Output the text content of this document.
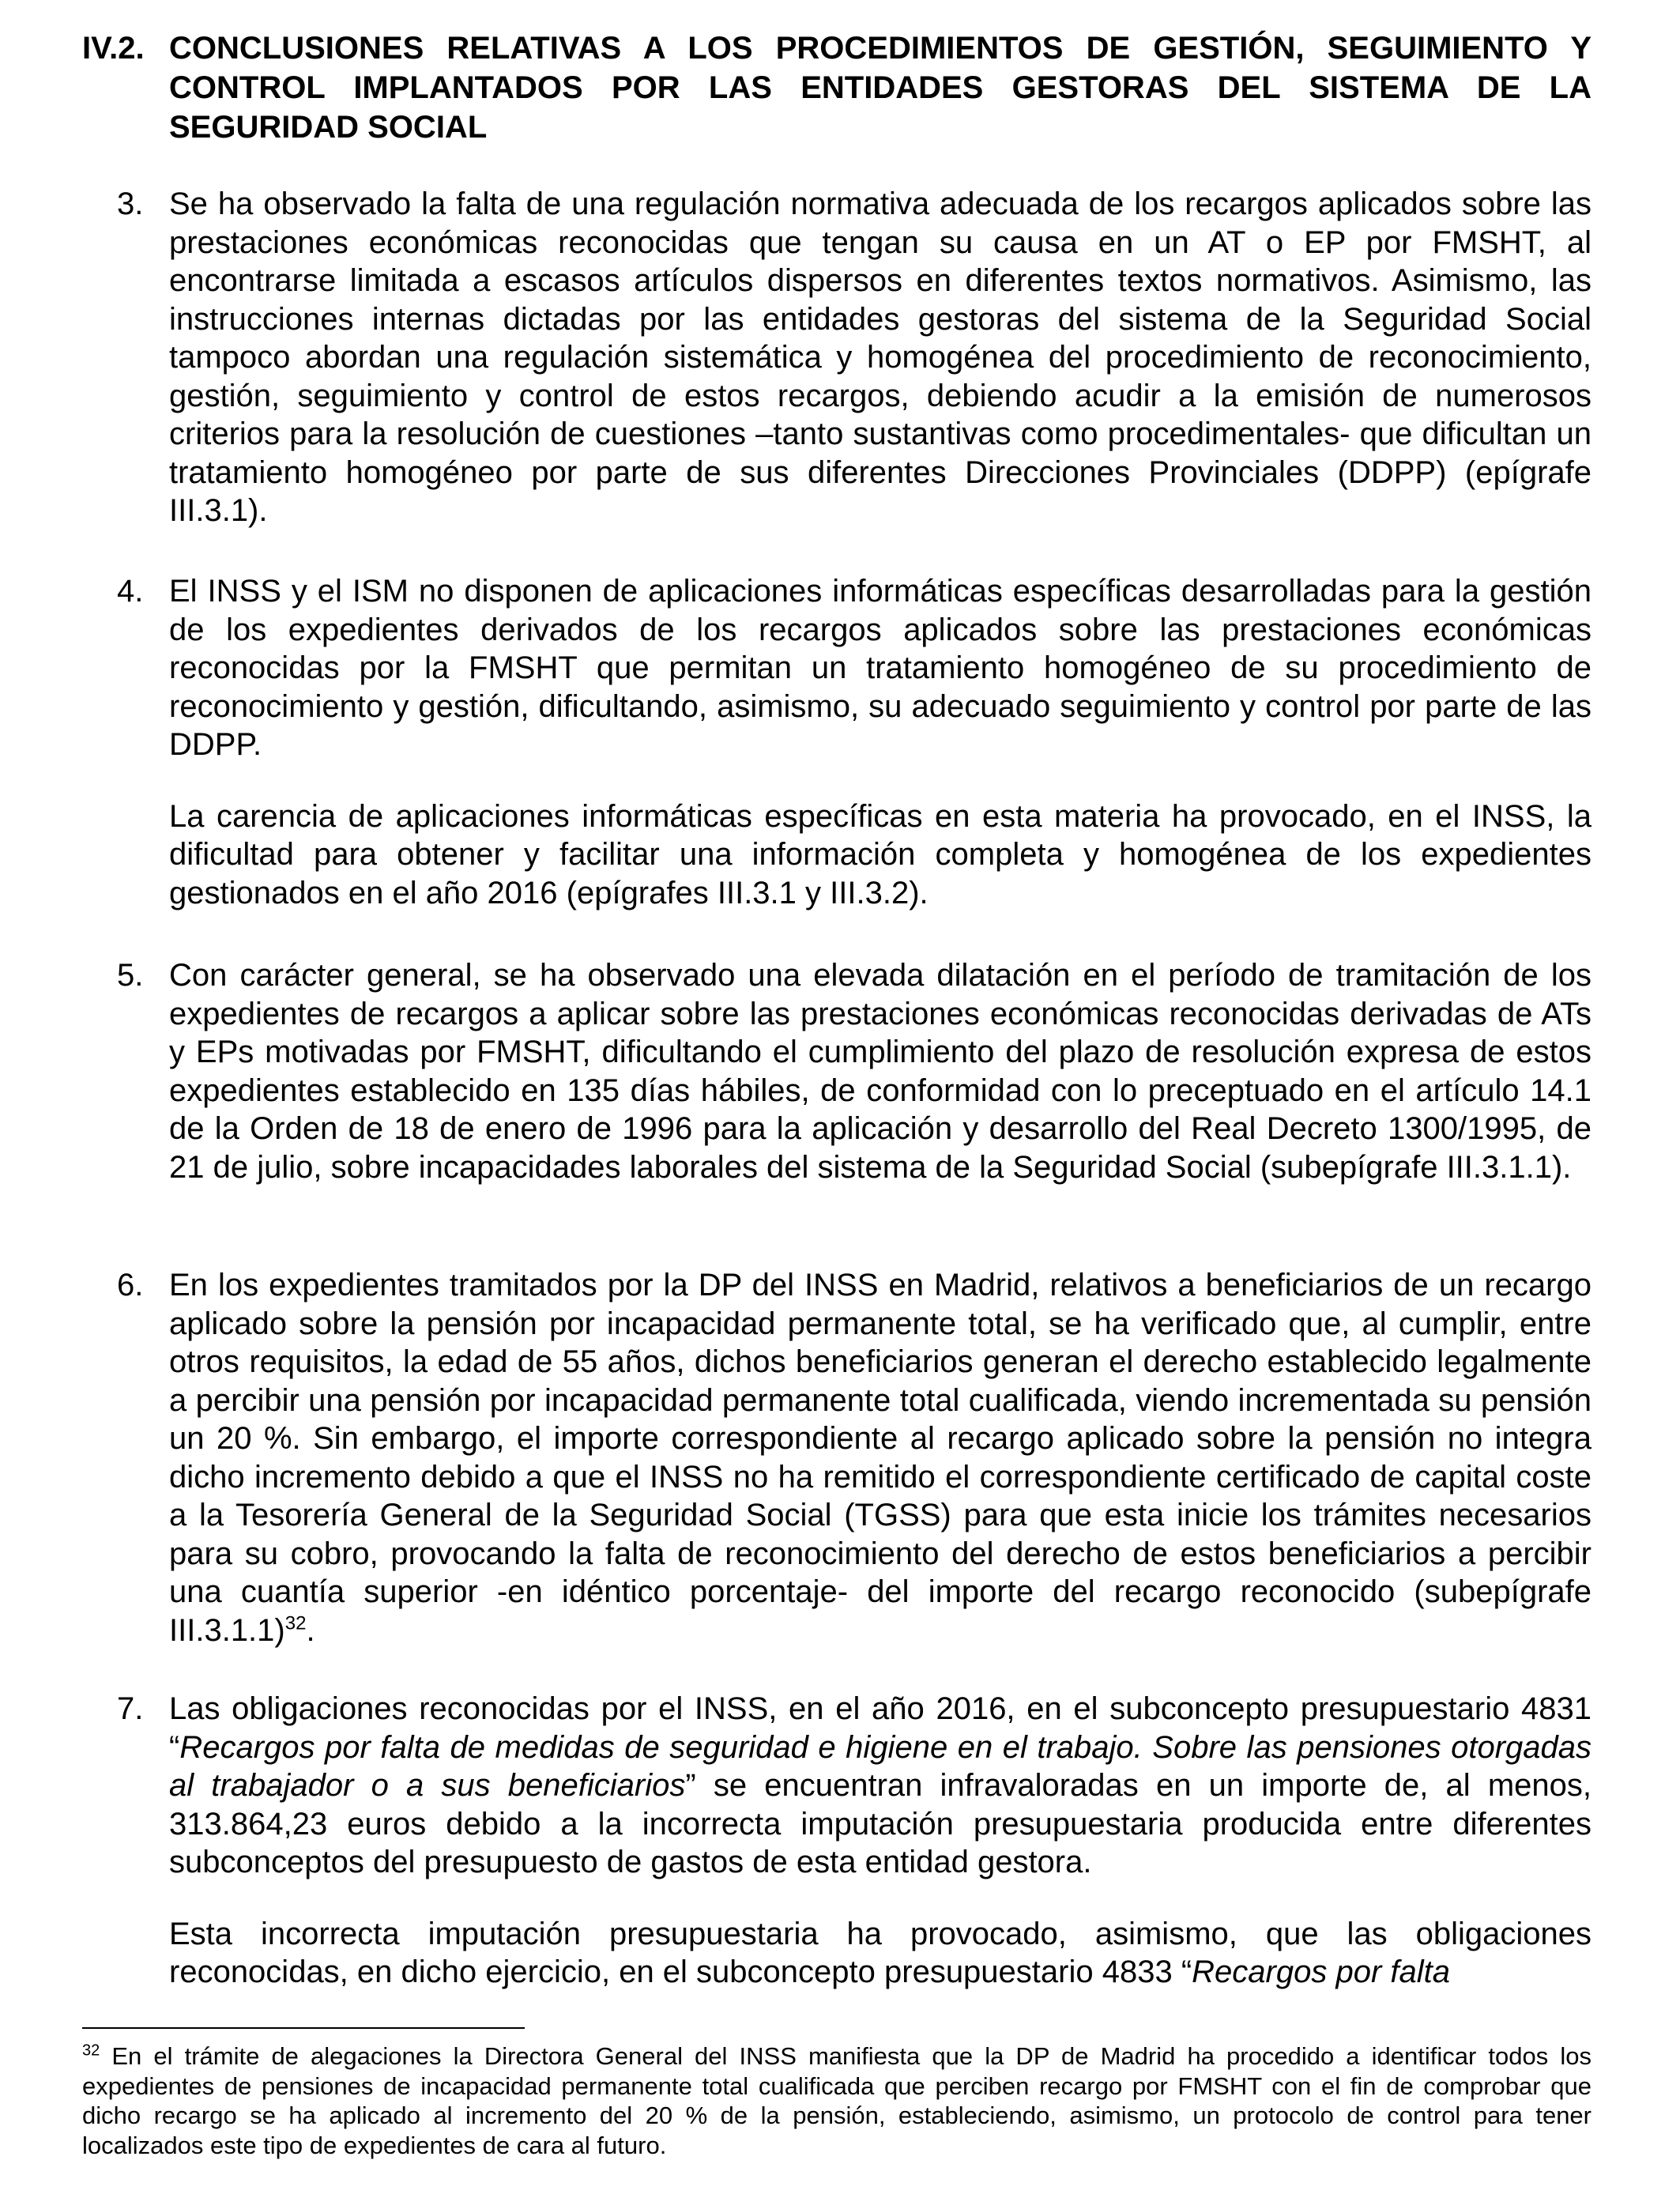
IV.2. CONCLUSIONES RELATIVAS A LOS PROCEDIMIENTOS DE GESTIÓN, SEGUIMIENTO Y CONTROL IMPLANTADOS POR LAS ENTIDADES GESTORAS DEL SISTEMA DE LA SEGURIDAD SOCIAL
3. Se ha observado la falta de una regulación normativa adecuada de los recargos aplicados sobre las prestaciones económicas reconocidas que tengan su causa en un AT o EP por FMSHT, al encontrarse limitada a escasos artículos dispersos en diferentes textos normativos. Asimismo, las instrucciones internas dictadas por las entidades gestoras del sistema de la Seguridad Social tampoco abordan una regulación sistemática y homogénea del procedimiento de reconocimiento, gestión, seguimiento y control de estos recargos, debiendo acudir a la emisión de numerosos criterios para la resolución de cuestiones –tanto sustantivas como procedimentales- que dificultan un tratamiento homogéneo por parte de sus diferentes Direcciones Provinciales (DDPP) (epígrafe III.3.1).
4. El INSS y el ISM no disponen de aplicaciones informáticas específicas desarrolladas para la gestión de los expedientes derivados de los recargos aplicados sobre las prestaciones económicas reconocidas por la FMSHT que permitan un tratamiento homogéneo de su procedimiento de reconocimiento y gestión, dificultando, asimismo, su adecuado seguimiento y control por parte de las DDPP.
La carencia de aplicaciones informáticas específicas en esta materia ha provocado, en el INSS, la dificultad para obtener y facilitar una información completa y homogénea de los expedientes gestionados en el año 2016 (epígrafes III.3.1 y III.3.2).
5. Con carácter general, se ha observado una elevada dilatación en el período de tramitación de los expedientes de recargos a aplicar sobre las prestaciones económicas reconocidas derivadas de ATs y EPs motivadas por FMSHT, dificultando el cumplimiento del plazo de resolución expresa de estos expedientes establecido en 135 días hábiles, de conformidad con lo preceptuado en el artículo 14.1 de la Orden de 18 de enero de 1996 para la aplicación y desarrollo del Real Decreto 1300/1995, de 21 de julio, sobre incapacidades laborales del sistema de la Seguridad Social (subepígrafe III.3.1.1).
6. En los expedientes tramitados por la DP del INSS en Madrid, relativos a beneficiarios de un recargo aplicado sobre la pensión por incapacidad permanente total, se ha verificado que, al cumplir, entre otros requisitos, la edad de 55 años, dichos beneficiarios generan el derecho establecido legalmente a percibir una pensión por incapacidad permanente total cualificada, viendo incrementada su pensión un 20 %. Sin embargo, el importe correspondiente al recargo aplicado sobre la pensión no integra dicho incremento debido a que el INSS no ha remitido el correspondiente certificado de capital coste a la Tesorería General de la Seguridad Social (TGSS) para que esta inicie los trámites necesarios para su cobro, provocando la falta de reconocimiento del derecho de estos beneficiarios a percibir una cuantía superior -en idéntico porcentaje- del importe del recargo reconocido (subepígrafe III.3.1.1)$^{32}$.
7. Las obligaciones reconocidas por el INSS, en el año 2016, en el subconcepto presupuestario 4831 “Recargos por falta de medidas de seguridad e higiene en el trabajo. Sobre las pensiones otorgadas al trabajador o a sus beneficiarios” se encuentran infravaloradas en un importe de, al menos, 313.864,23 euros debido a la incorrecta imputación presupuestaria producida entre diferentes subconceptos del presupuesto de gastos de esta entidad gestora.
Esta incorrecta imputación presupuestaria ha provocado, asimismo, que las obligaciones reconocidas, en dicho ejercicio, en el subconcepto presupuestario 4833 “Recargos por falta
$^{32}$ En el trámite de alegaciones la Directora General del INSS manifiesta que la DP de Madrid ha procedido a identificar todos los expedientes de pensiones de incapacidad permanente total cualificada que perciben recargo por FMSHT con el fin de comprobar que dicho recargo se ha aplicado al incremento del 20 % de la pensión, estableciendo, asimismo, un protocolo de control para tener localizados este tipo de expedientes de cara al futuro.
